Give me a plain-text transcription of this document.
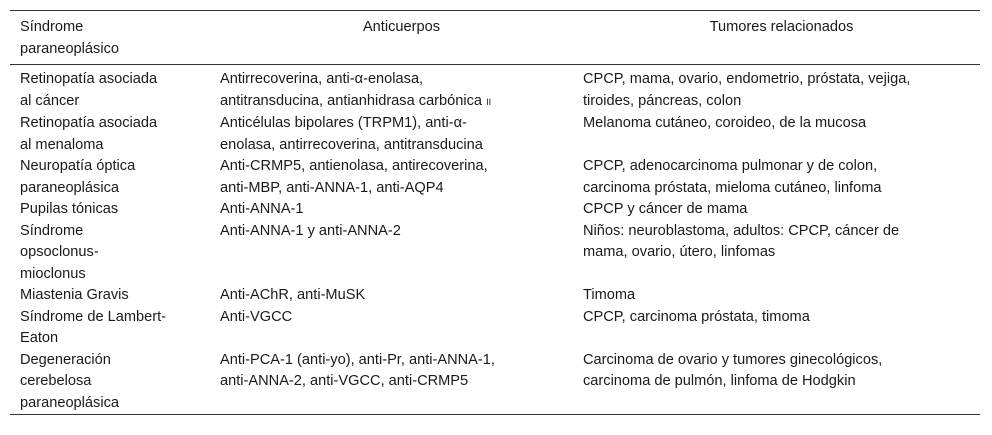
Síndrome
paraneoplásico	Anticuerpos	Tumores relacionados
Retinopatía asociada
al cáncer	Antirrecoverina, anti-α-enolasa,
antitransducina, antianhidrasa carbónica II	CPCP, mama, ovario, endometrio, próstata, vejiga,
tiroides, páncreas, colon
Retinopatía asociada
al menaloma	Anticélulas bipolares (TRPM1), anti-α-
enolasa, antirrecoverina, antitransducina	Melanoma cutáneo, coroideo, de la mucosa
Neuropatía óptica
paraneoplásica	Anti-CRMP5, antienolasa, antirecoverina,
anti-MBP, anti-ANNA-1, anti-AQP4	CPCP, adenocarcinoma pulmonar y de colon,
carcinoma próstata, mieloma cutáneo, linfoma
Pupilas tónicas	Anti-ANNA-1	CPCP y cáncer de mama
Síndrome
opsoclonus-
mioclonus	Anti-ANNA-1 y anti-ANNA-2	Niños: neuroblastoma, adultos: CPCP, cáncer de
mama, ovario, útero, linfomas
Miastenia Gravis	Anti-AChR, anti-MuSK	Timoma
Síndrome de Lambert-
Eaton	Anti-VGCC	CPCP, carcinoma próstata, timoma
Degeneración
cerebelosa
paraneoplásica	Anti-PCA-1 (anti-yo), anti-Pr, anti-ANNA-1,
anti-ANNA-2, anti-VGCC, anti-CRMP5	Carcinoma de ovario y tumores ginecológicos,
carcinoma de pulmón, linfoma de Hodgkin
